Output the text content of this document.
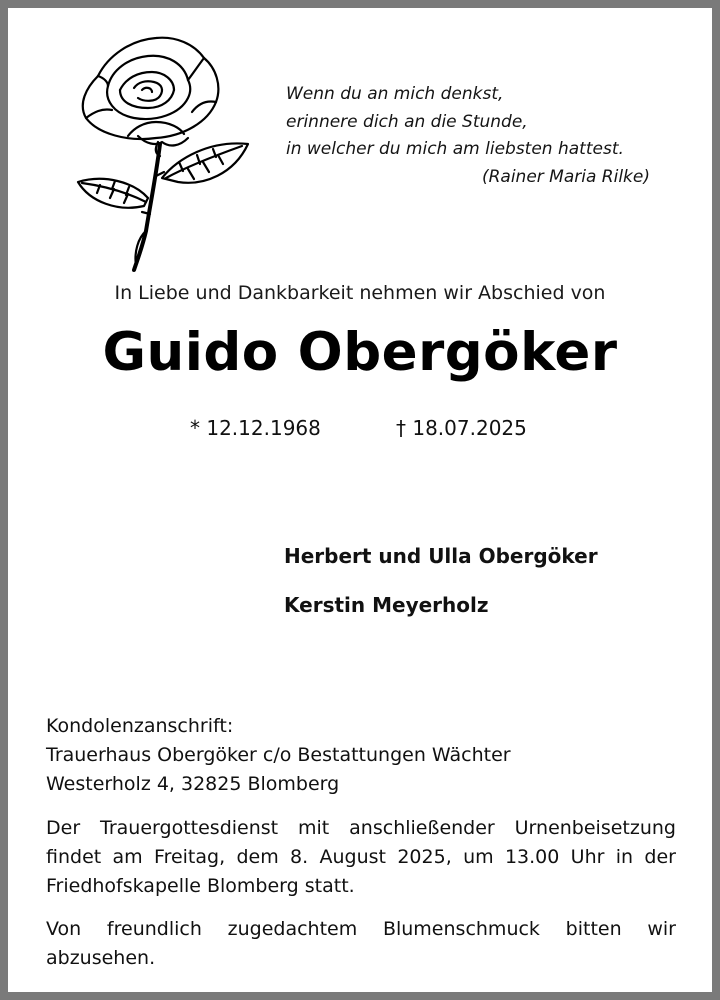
Wenn du an mich denkst,
erinnere dich an die Stunde,
in welcher du mich am liebsten hattest.
(Rainer Maria Rilke)
In Liebe und Dankbarkeit nehmen wir Abschied von
Guido Obergöker
* 12.12.1968	† 18.07.2025
Herbert und Ulla Obergöker
Kerstin Meyerholz
Kondolenzanschrift:
Trauerhaus Obergöker c/o Bestattungen Wächter
Westerholz 4, 32825 Blomberg
Der Trauergottesdienst mit anschließender Urnenbeisetzung
findet am Freitag, dem 8. August 2025, um 13.00 Uhr in der
Friedhofskapelle Blomberg statt.
Von freundlich zugedachtem Blumenschmuck bitten wir
abzusehen.
